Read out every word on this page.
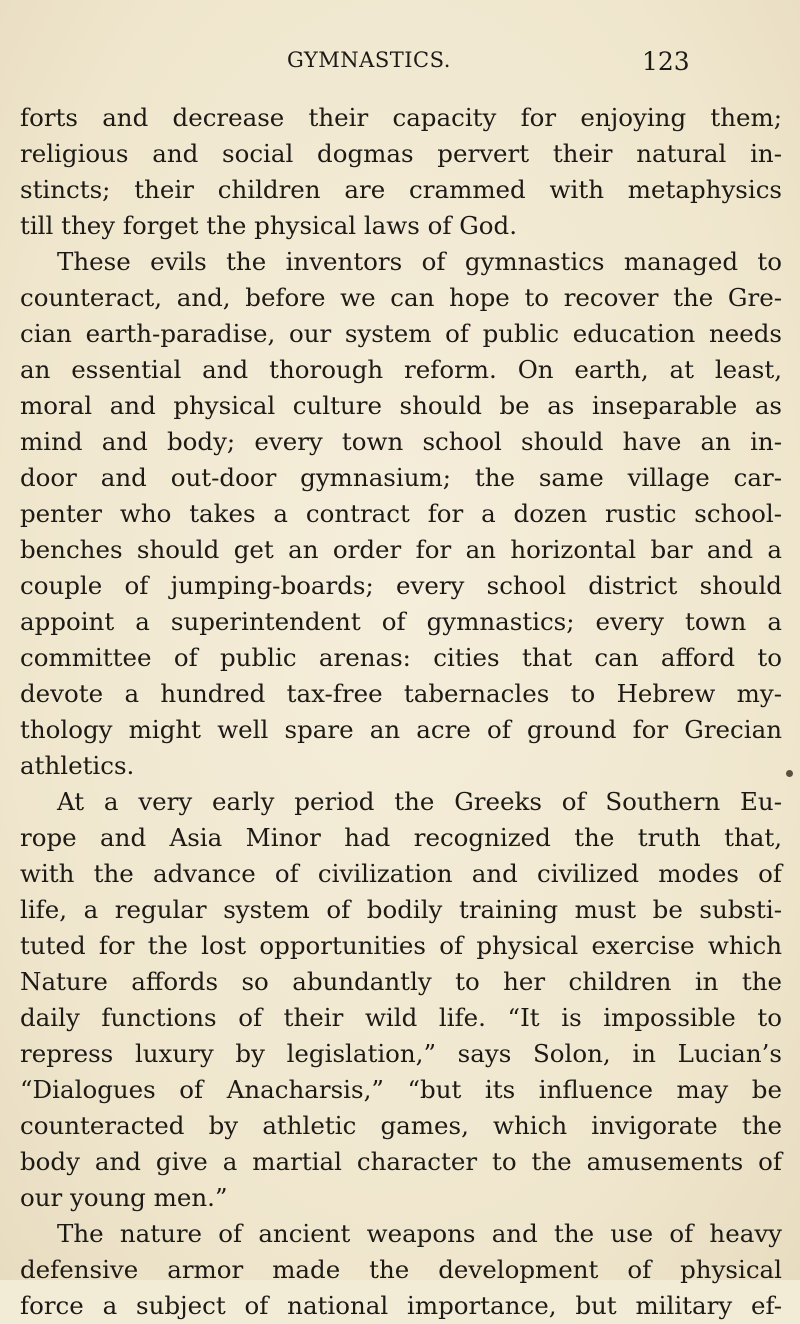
GYMNASTICS.	123
forts and decrease their capacity for enjoying them;
religious and social dogmas pervert their natural in-
stincts; their children are crammed with metaphysics
till they forget the physical laws of God.
These evils the inventors of gymnastics managed to
counteract, and, before we can hope to recover the Gre-
cian earth-paradise, our system of public education needs
an essential and thorough reform. On earth, at least,
moral and physical culture should be as inseparable as
mind and body; every town school should have an in-
door and out-door gymnasium; the same village car-
penter who takes a contract for a dozen rustic school-
benches should get an order for an horizontal bar and a
couple of jumping-boards; every school district should
appoint a superintendent of gymnastics; every town a
committee of public arenas: cities that can afford to
devote a hundred tax-free tabernacles to Hebrew my-
thology might well spare an acre of ground for Grecian
athletics.
At a very early period the Greeks of Southern Eu-
rope and Asia Minor had recognized the truth that,
with the advance of civilization and civilized modes of
life, a regular system of bodily training must be substi-
tuted for the lost opportunities of physical exercise which
Nature affords so abundantly to her children in the
daily functions of their wild life. “It is impossible to
repress luxury by legislation,” says Solon, in Lucian’s
“Dialogues of Anacharsis,” “but its influence may be
counteracted by athletic games, which invigorate the
body and give a martial character to the amusements of
our young men.”
The nature of ancient weapons and the use of heavy
defensive armor made the development of physical
force a subject of national importance, but military ef-
